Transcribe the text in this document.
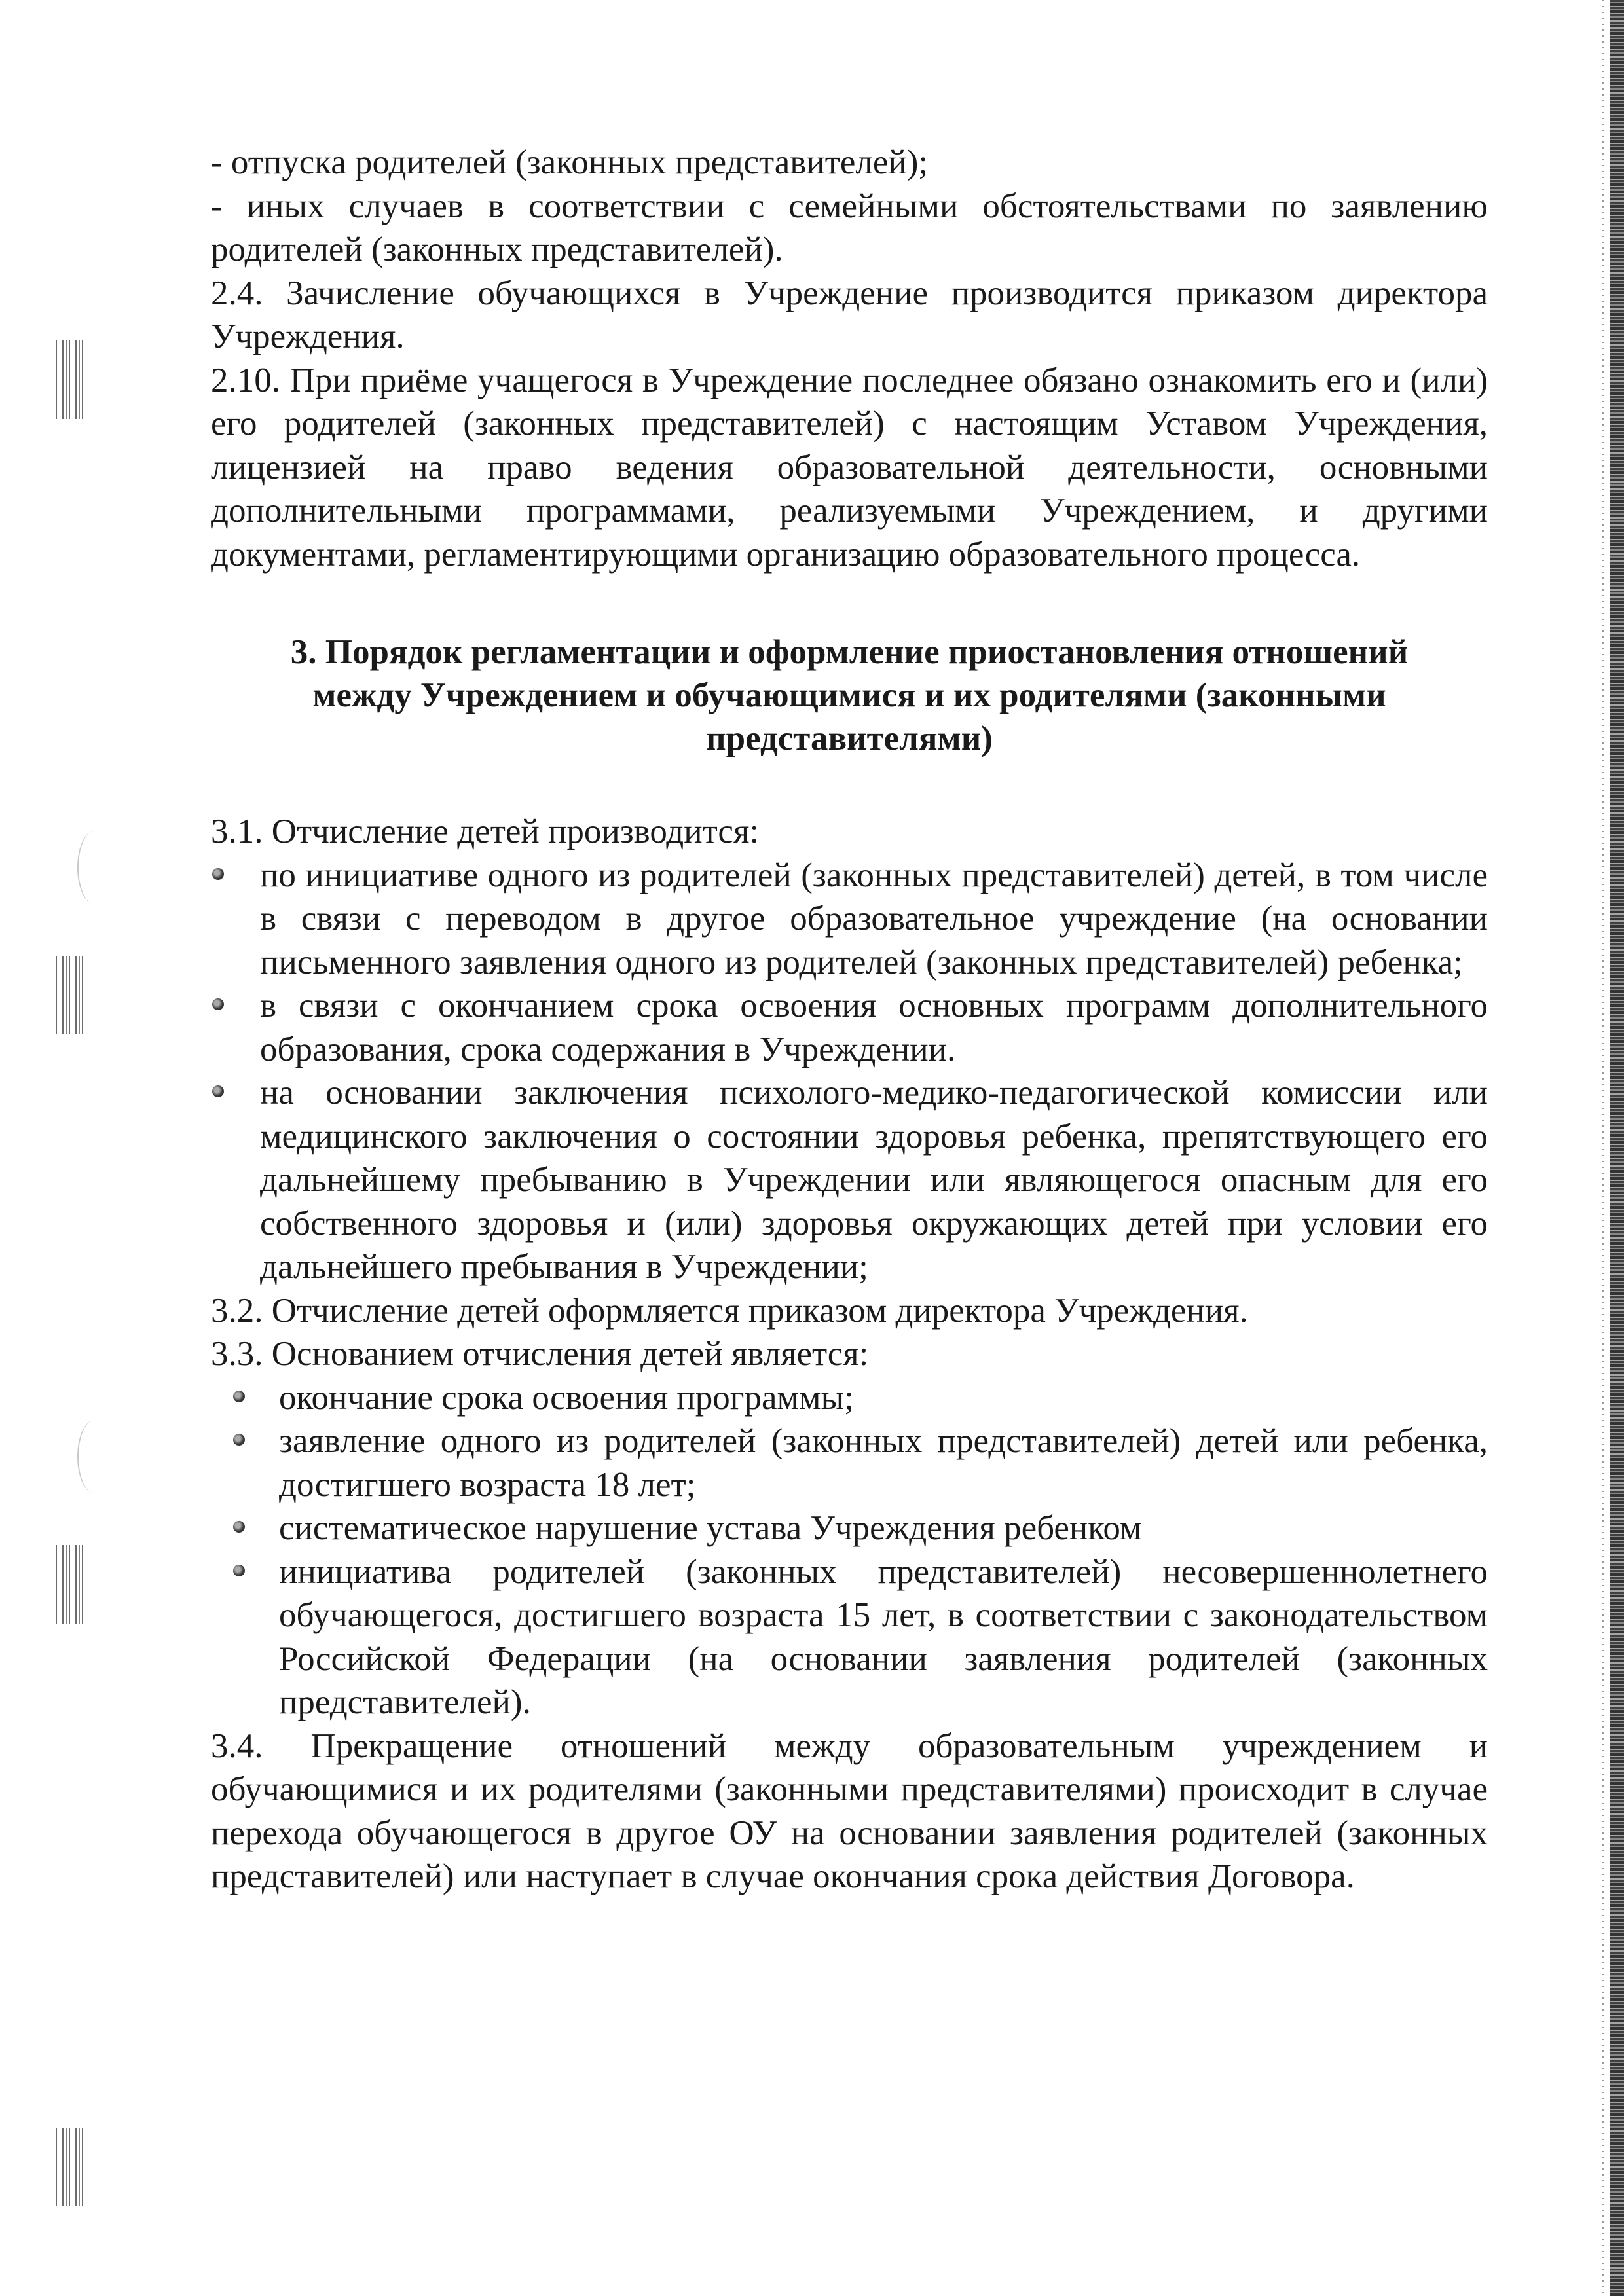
- отпуска родителей (законных представителей);

- иных случаев в соответствии с семейными обстоятельствами по заявлению родителей (законных представителей).

2.4. Зачисление обучающихся в Учреждение производится приказом директора Учреждения.

2.10. При приёме учащегося в Учреждение последнее обязано ознакомить его и (или) его родителей (законных представителей) с настоящим Уставом Учреждения, лицензией на право ведения образовательной деятельности, основными дополнительными программами, реализуемыми Учреждением, и другими документами, регламентирующими организацию образовательного процесса.

3. Порядок регламентации и оформление приостановления отношений
между Учреждением и обучающимися и их родителями (законными
представителями)

3.1. Отчисление детей производится:

по инициативе одного из родителей (законных представителей) детей, в том числе в связи с переводом в другое образовательное учреждение (на основании письменного заявления одного из родителей (законных представителей) ребенка;
в связи с окончанием срока освоения основных программ дополнительного образования, срока содержания в Учреждении.
на основании заключения психолого-медико-педагогической комиссии или медицинского заключения о состоянии здоровья ребенка, препятствующего его дальнейшему пребыванию в Учреждении или являющегося опасным для его собственного здоровья и (или) здоровья окружающих детей при условии его дальнейшего пребывания в Учреждении;

3.2. Отчисление детей оформляется приказом директора Учреждения.

3.3. Основанием отчисления детей является:

окончание срока освоения программы;
заявление одного из родителей (законных представителей) детей или ребенка, достигшего возраста 18 лет;
систематическое нарушение устава Учреждения ребенком
инициатива родителей (законных представителей) несовершеннолетнего обучающегося, достигшего возраста 15 лет, в соответствии с законодательством Российской Федерации (на основании заявления родителей (законных представителей).

3.4. Прекращение отношений между образовательным учреждением и обучающимися и их родителями (законными представителями) происходит в случае перехода обучающегося в другое ОУ на основании заявления родителей (законных представителей) или наступает в случае окончания срока действия Договора.
